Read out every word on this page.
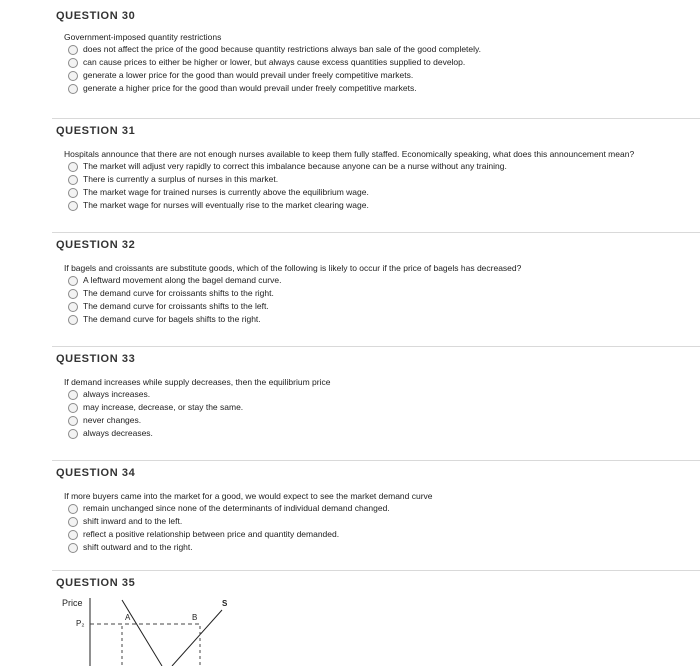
QUESTION 30
Government-imposed quantity restrictions
does not affect the price of the good because quantity restrictions always ban sale of the good completely.
can cause prices to either be higher or lower, but always cause excess quantities supplied to develop.
generate a lower price for the good than would prevail under freely competitive markets.
generate a higher price for the good than would prevail under freely competitive markets.
QUESTION 31
Hospitals announce that there are not enough nurses available to keep them fully staffed. Economically speaking, what does this announcement mean?
The market will adjust very rapidly to correct this imbalance because anyone can be a nurse without any training.
There is currently a surplus of nurses in this market.
The market wage for trained nurses is currently above the equilibrium wage.
The market wage for nurses will eventually rise to the market clearing wage.
QUESTION 32
If bagels and croissants are substitute goods, which of the following is likely to occur if the price of bagels has decreased?
A leftward movement along the bagel demand curve.
The demand curve for croissants shifts to the right.
The demand curve for croissants shifts to the left.
The demand curve for bagels shifts to the right.
QUESTION 33
If demand increases while supply decreases, then the equilibrium price
always increases.
may increase, decrease, or stay the same.
never changes.
always decreases.
QUESTION 34
If more buyers came into the market for a good, we would expect to see the market demand curve
remain unchanged since none of the determinants of individual demand changed.
shift inward and to the left.
reflect a positive relationship between price and quantity demanded.
shift outward and to the right.
QUESTION 35
Price
P₂
A	B
S
